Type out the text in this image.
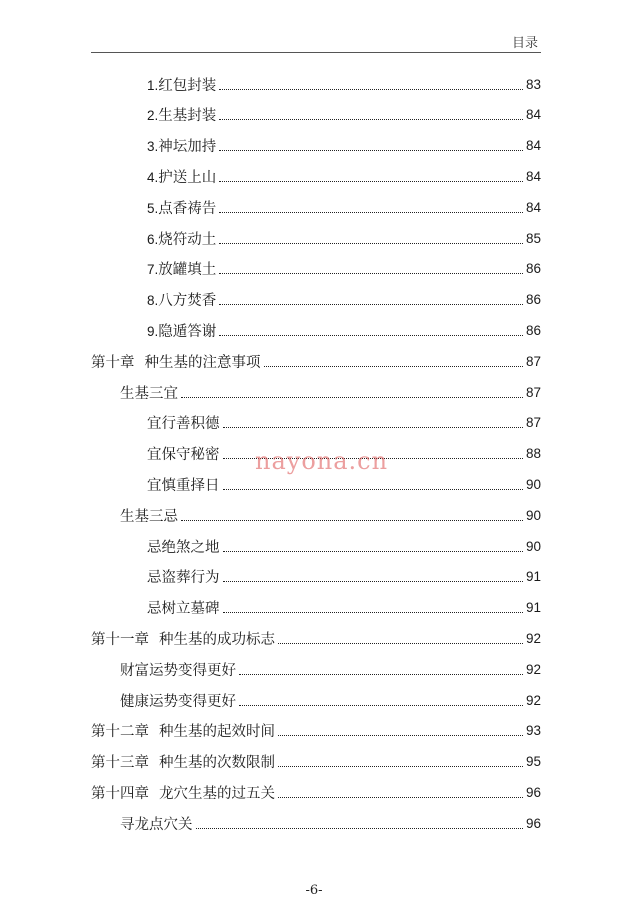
目录
1.红包封装	83
2.生基封装	84
3.神坛加持	84
4.护送上山	84
5.点香祷告	84
6.烧符动土	85
7.放罐填土	86
8.八方焚香	86
9.隐遁答谢	86
第十章 种生基的注意事项	87
生基三宜	87
宜行善积德	87
宜保守秘密	88
宜慎重择日	90
生基三忌	90
忌绝煞之地	90
忌盗葬行为	91
忌树立墓碑	91
第十一章 种生基的成功标志	92
财富运势变得更好	92
健康运势变得更好	92
第十二章 种生基的起效时间	93
第十三章 种生基的次数限制	95
第十四章 龙穴生基的过五关	96
寻龙点穴关	96
nayona.cn
-6-
